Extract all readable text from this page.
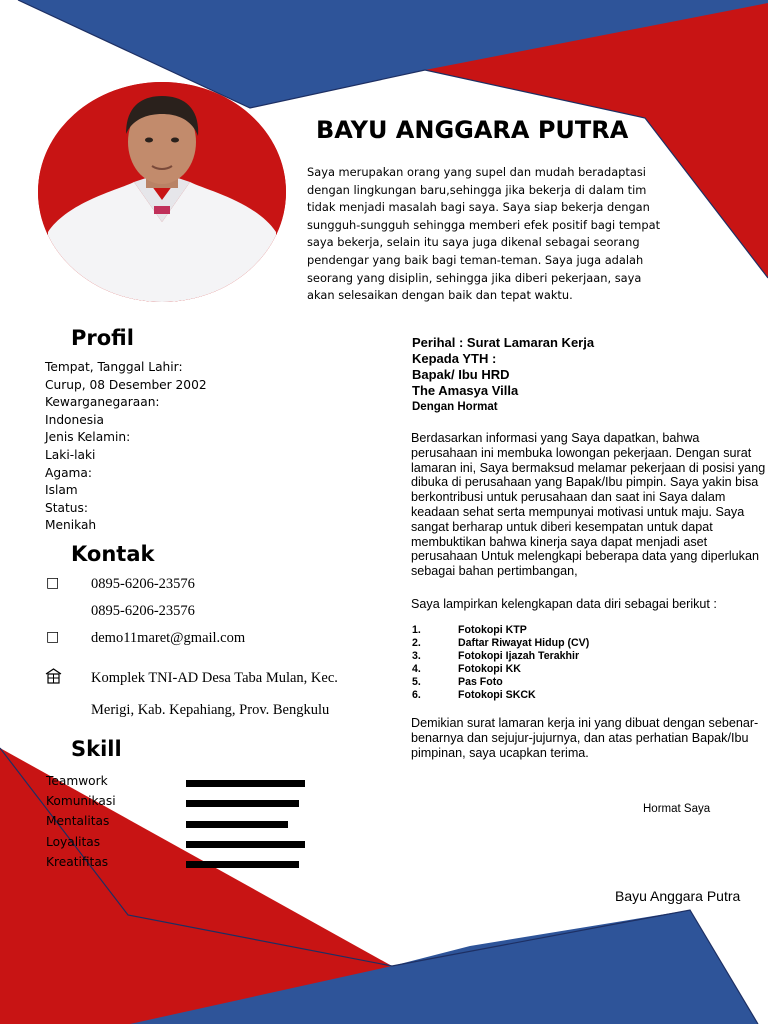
BAYU ANGGARA PUTRA

Saya merupakan orang yang supel dan mudah beradaptasi dengan lingkungan baru,sehingga jika bekerja di dalam tim tidak menjadi masalah bagi saya. Saya siap bekerja dengan sungguh-sungguh sehingga memberi efek positif bagi tempat saya bekerja, selain itu saya juga dikenal sebagai seorang pendengar yang baik bagi teman-teman. Saya juga adalah seorang yang disiplin, sehingga jika diberi pekerjaan, saya akan selesaikan dengan baik dan tepat waktu.

Profil
Tempat, Tanggal Lahir:
Curup, 08 Desember 2002
Kewarganegaraan:
Indonesia
Jenis Kelamin:
Laki-laki
Agama:
Islam
Status:
Menikah
Kontak
□ 0895-6206-23576
0895-6206-23576
□ demo11maret@gmail.com
Komplek TNI-AD Desa Taba Mulan, Kec.
Merigi, Kab. Kepahiang, Prov. Bengkulu
Skill
Teamwork
Komunikasi
Mentalitas
Loyalitas
Kreatifitas
Perihal : Surat Lamaran Kerja
Kepada YTH :
Bapak/ Ibu HRD
The Amasya Villa
Dengan Hormat

Berdasarkan informasi yang Saya dapatkan, bahwa perusahaan ini membuka lowongan pekerjaan. Dengan surat lamaran ini, Saya bermaksud melamar pekerjaan di posisi yang dibuka di perusahaan yang Bapak/Ibu pimpin. Saya yakin bisa berkontribusi untuk perusahaan dan saat ini Saya dalam keadaan sehat serta mempunyai motivasi untuk maju. Saya sangat berharap untuk diberi kesempatan untuk dapat membuktikan bahwa kinerja saya dapat menjadi aset perusahaan Untuk melengkapi beberapa data yang diperlukan sebagai bahan pertimbangan,

Saya lampirkan kelengkapan data diri sebagai berikut :

1.	Fotokopi KTP
2.	Daftar Riwayat Hidup (CV)
3.	Fotokopi Ijazah Terakhir
4.	Fotokopi KK
5.	Pas Foto
6.	Fotokopi SKCK

Demikian surat lamaran kerja ini yang dibuat dengan sebenar-benarnya dan sejujur-jujurnya, dan atas perhatian Bapak/Ibu pimpinan, saya ucapkan terima.

Hormat Saya
Bayu Anggara Putra
